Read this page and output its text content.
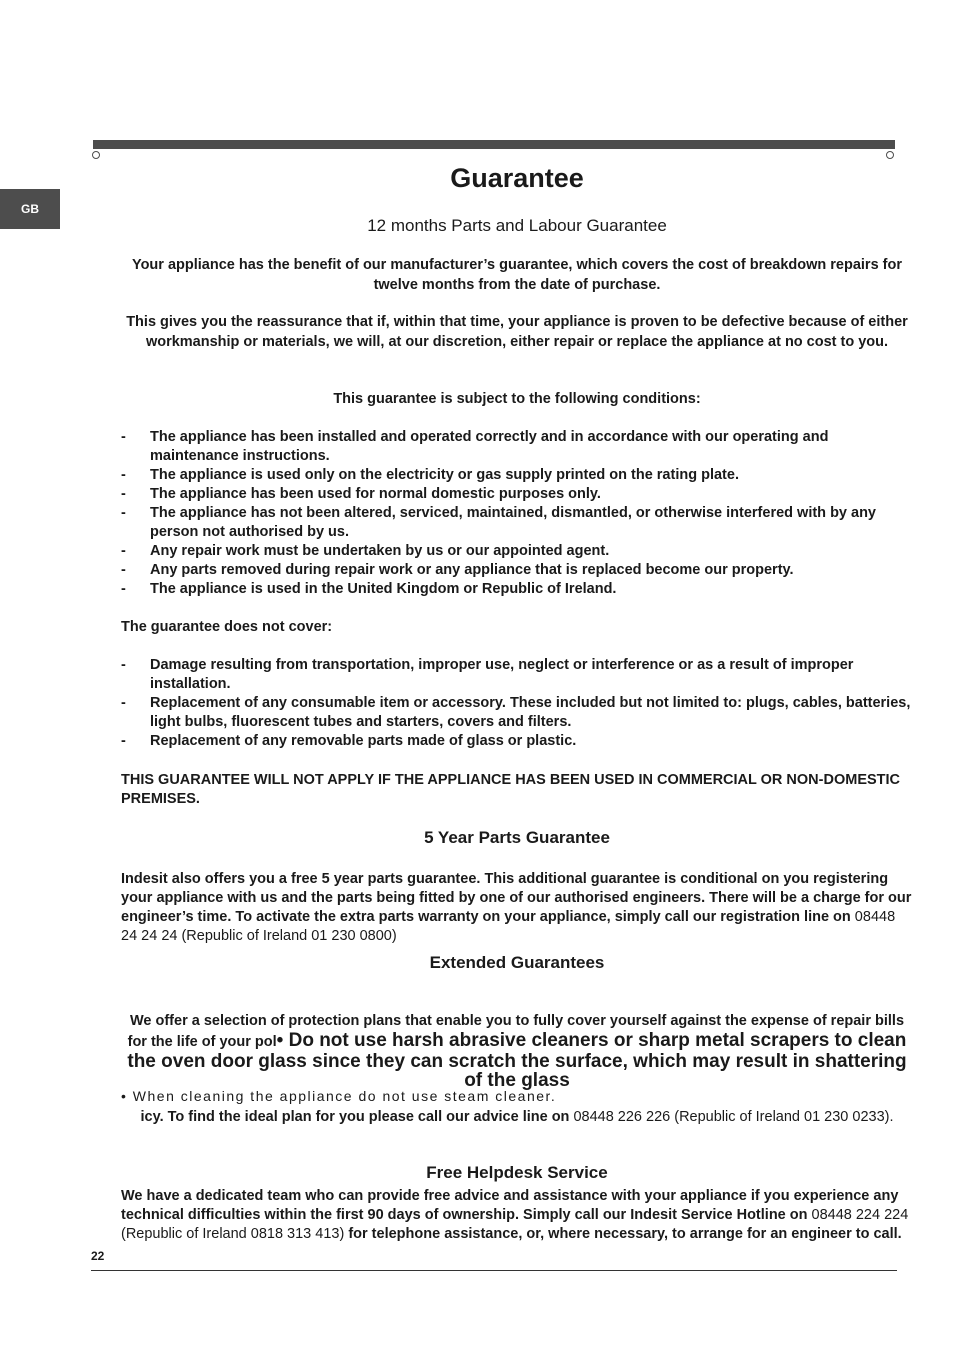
GB
Guarantee
12 months Parts and Labour Guarantee

Your appliance has the benefit of our manufacturer’s guarantee, which covers the cost of breakdown repairs for twelve months from the date of purchase.

This gives you the reassurance that if, within that time, your appliance is proven to be defective because of either workmanship or materials, we will, at our discretion, either repair or replace the appliance at no cost to you.

This guarantee is subject to the following conditions:

- The appliance has been installed and operated correctly and in accordance with our operating and maintenance instructions.
- The appliance is used only on the electricity or gas supply printed on the rating plate.
- The appliance has been used for normal domestic purposes only.
- The appliance has not been altered, serviced, maintained, dismantled, or otherwise interfered with by any person not authorised by us.
- Any repair work must be undertaken by us or our appointed agent.
- Any parts removed during repair work or any appliance that is replaced become our property.
- The appliance is used in the United Kingdom or Republic of Ireland.

The guarantee does not cover:

- Damage resulting from transportation, improper use, neglect or interference or as a result of improper installation.
- Replacement of any consumable item or accessory. These included but not limited to: plugs, cables, batteries, light bulbs, fluorescent tubes and starters, covers and filters.
- Replacement of any removable parts made of glass or plastic.

THIS GUARANTEE WILL NOT APPLY IF THE APPLIANCE HAS BEEN USED IN COMMERCIAL OR NON-DOMESTIC PREMISES.

5 Year Parts Guarantee

Indesit also offers you a free 5 year parts guarantee. This additional guarantee is conditional on you registering your appliance with us and the parts being fitted by one of our authorised engineers. There will be a charge for our engineer’s time. To activate the extra parts warranty on your appliance, simply call our registration line on 08448 24 24 24 (Republic of Ireland 01 230 0800)

Extended Guarantees

We offer a selection of protection plans that enable you to fully cover yourself against the expense of repair bills for the life of your pol• Do not use harsh abrasive cleaners or sharp metal scrapers to clean the oven door glass since they can scratch the surface, which may result in shattering of the glass

• When cleaning the appliance do not use steam cleaner.

icy. To find the ideal plan for you please call our advice line on 08448 226 226 (Republic of Ireland 01 230 0233).

Free Helpdesk Service

We have a dedicated team who can provide free advice and assistance with your appliance if you experience any technical difficulties within the first 90 days of ownership. Simply call our Indesit Service Hotline on 08448 224 224 (Republic of Ireland 0818 313 413) for telephone assistance, or, where necessary, to arrange for an engineer to call.

22
